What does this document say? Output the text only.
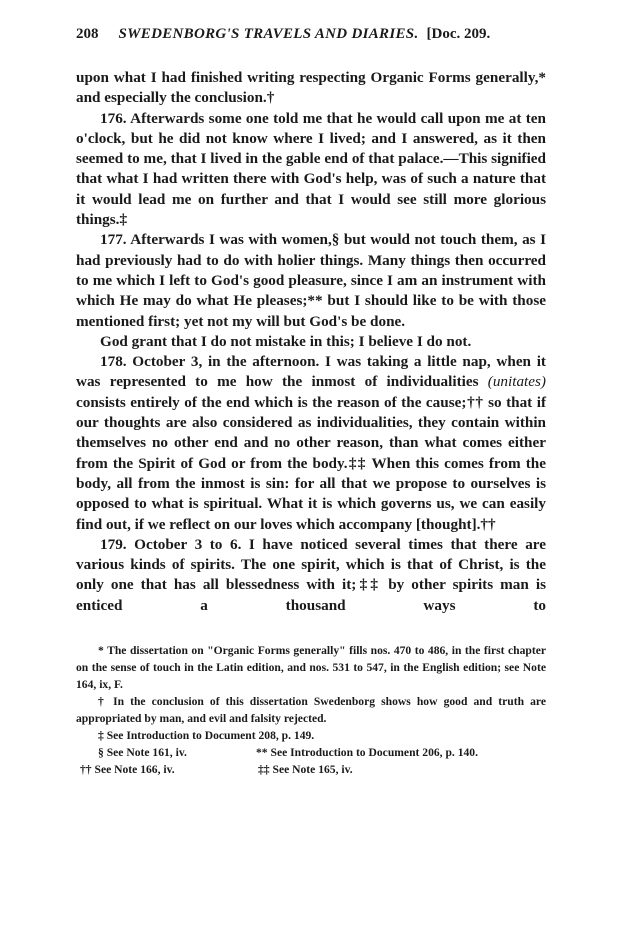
208 SWEDENBORG'S TRAVELS AND DIARIES. [Doc. 209.

upon what I had finished writing respecting Organic Forms generally,* and especially the conclusion.†

176. Afterwards some one told me that he would call upon me at ten o'clock, but he did not know where I lived; and I answered, as it then seemed to me, that I lived in the gable end of that palace.—This signified that what I had written there with God's help, was of such a nature that it would lead me on further and that I would see still more glorious things.‡

177. Afterwards I was with women,§ but would not touch them, as I had previously had to do with holier things. Many things then occurred to me which I left to God's good pleasure, since I am an instrument with which He may do what He pleases;** but I should like to be with those mentioned first; yet not my will but God's be done.

God grant that I do not mistake in this; I believe I do not.

178. October 3, in the afternoon. I was taking a little nap, when it was represented to me how the inmost of individualities (unitates) consists entirely of the end which is the reason of the cause;†† so that if our thoughts are also considered as individualities, they contain within themselves no other end and no other reason, than what comes either from the Spirit of God or from the body.‡‡ When this comes from the body, all from the inmost is sin: for all that we propose to ourselves is opposed to what is spiritual. What it is which governs us, we can easily find out, if we reflect on our loves which accompany [thought].††

179. October 3 to 6. I have noticed several times that there are various kinds of spirits. The one spirit, which is that of Christ, is the only one that has all blessedness with it;‡‡ by other spirits man is enticed a thousand ways to

* The dissertation on "Organic Forms generally" fills nos. 470 to 486, in the first chapter on the sense of touch in the Latin edition, and nos. 531 to 547, in the English edition; see Note 164, ix, F.

† In the conclusion of this dissertation Swedenborg shows how good and truth are appropriated by man, and evil and falsity rejected.

‡ See Introduction to Document 208, p. 149.

§ See Note 161, iv.	** See Introduction to Document 206, p. 140.
†† See Note 166, iv.	‡‡ See Note 165, iv.
